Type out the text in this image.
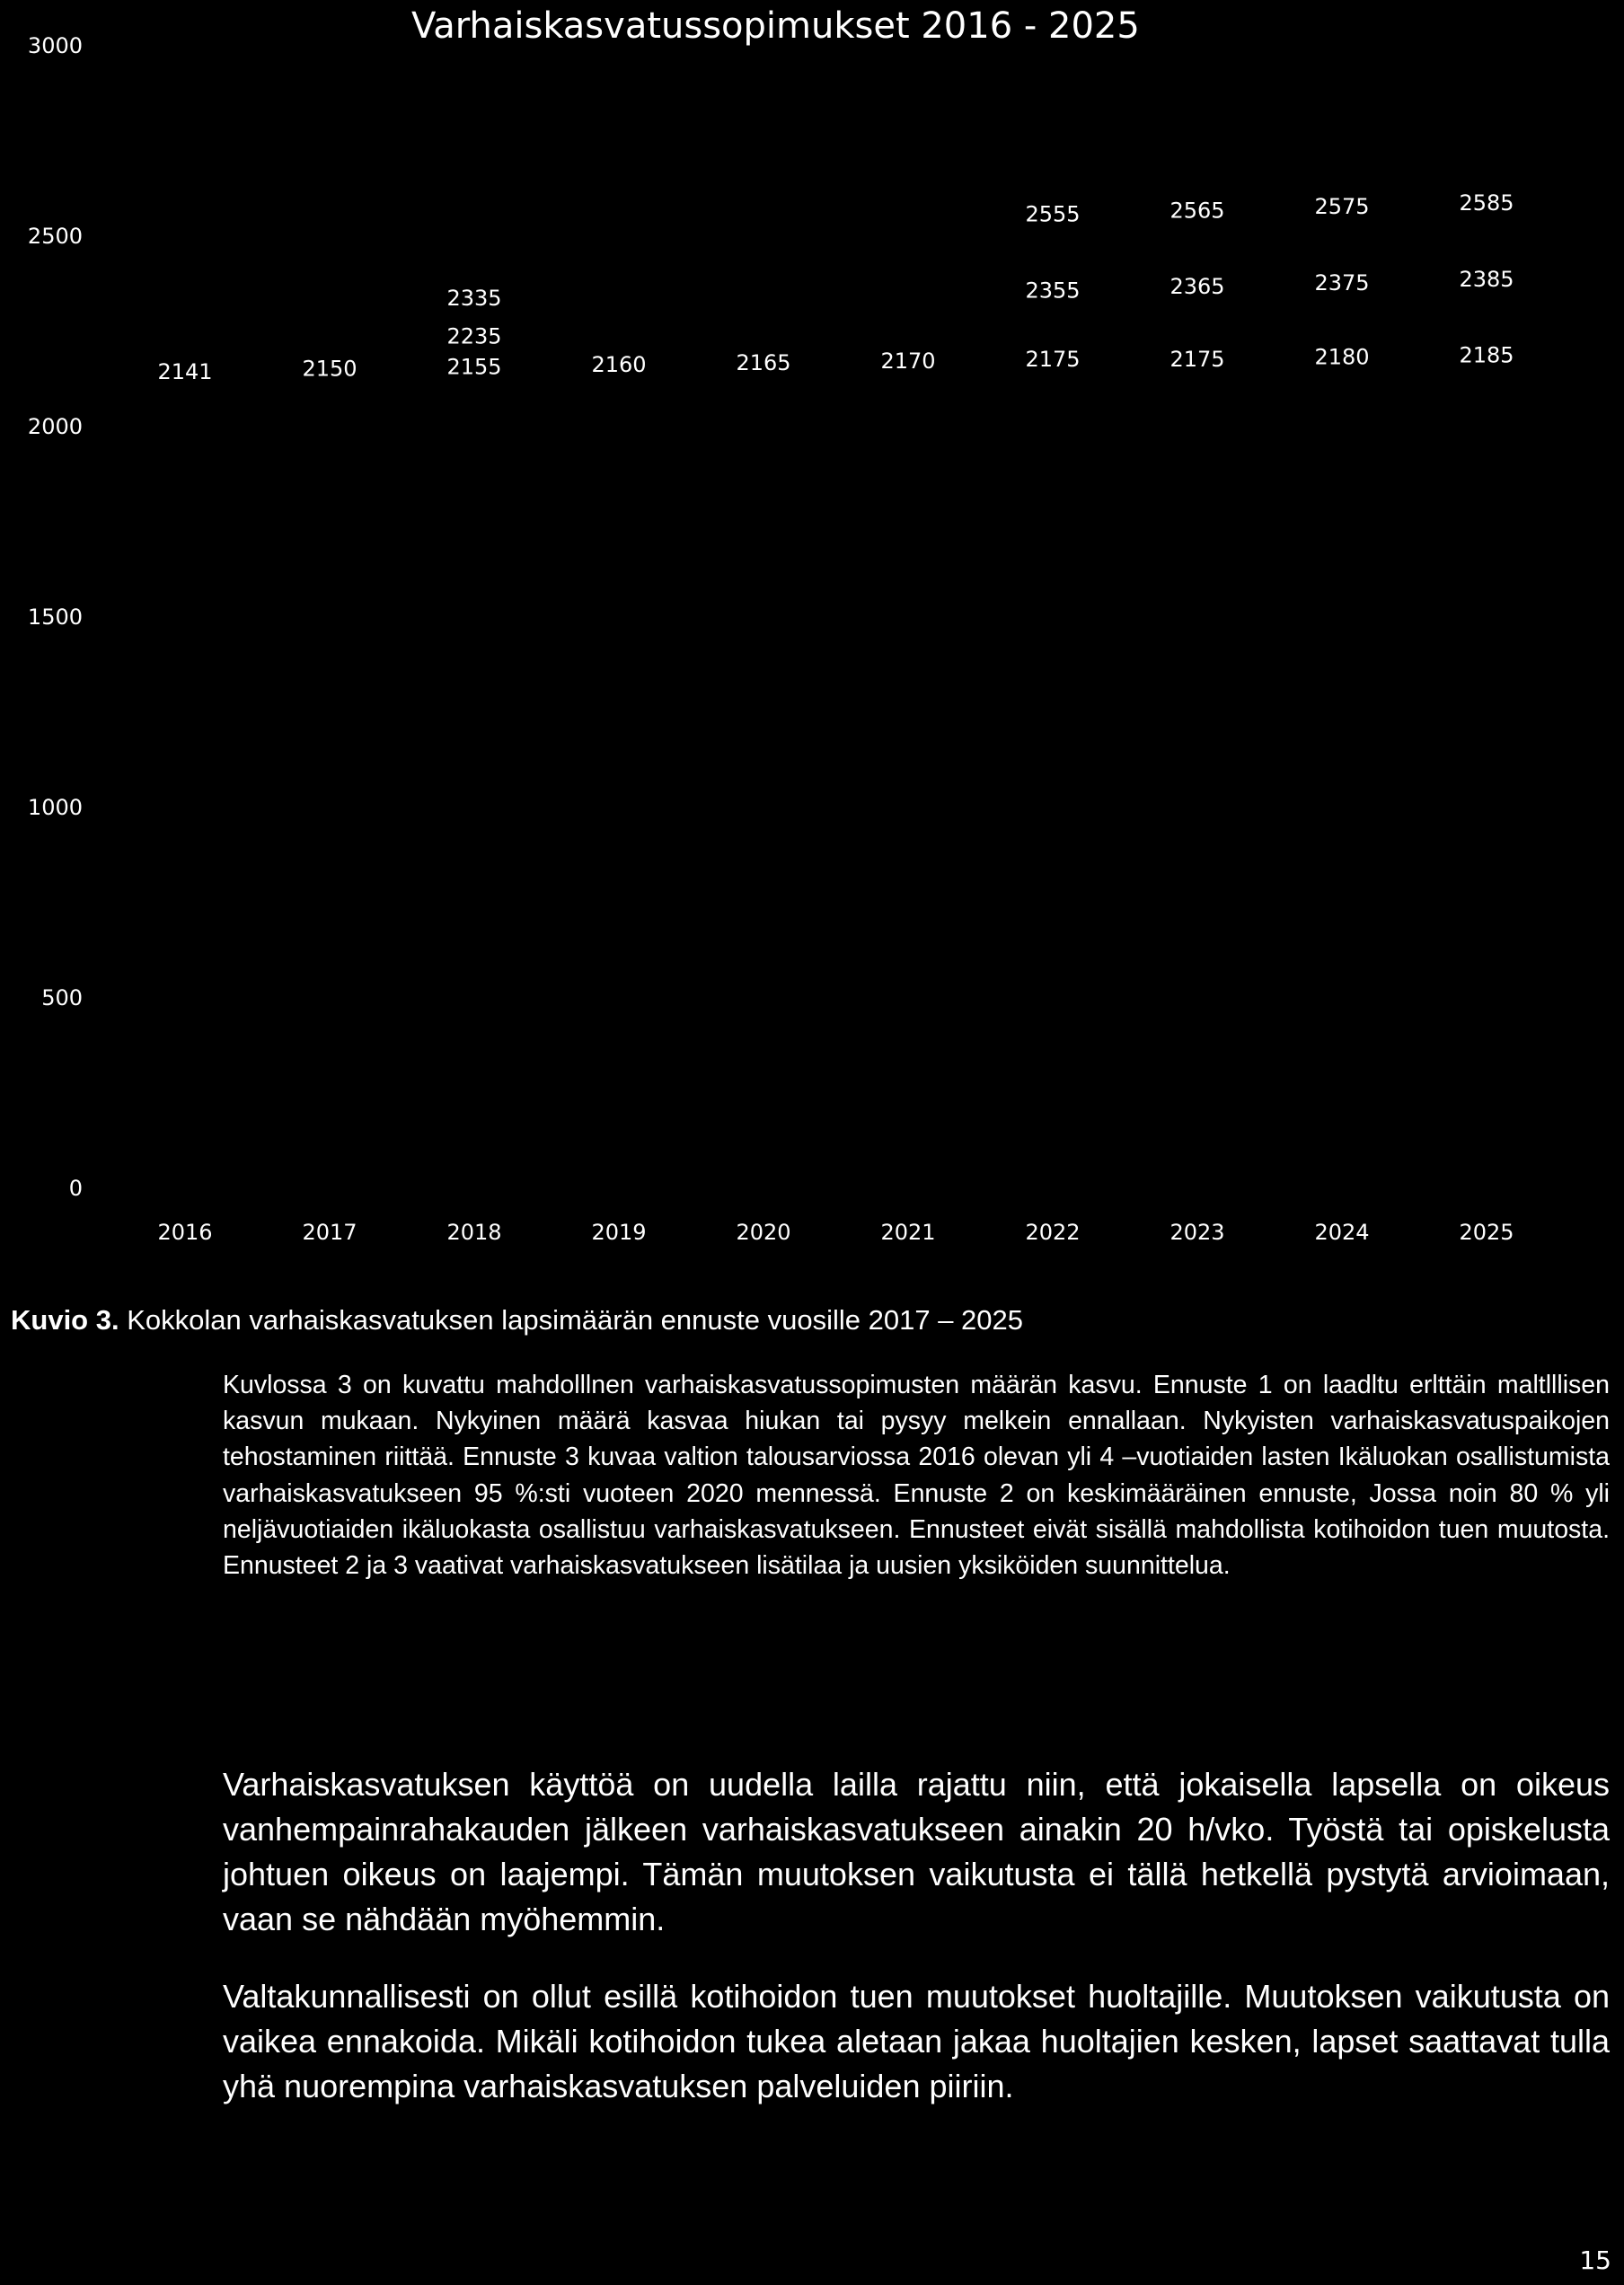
Varhaiskasvatussopimukset 2016 - 2025
0
500
1000
1500
2000
2500
3000
2016	2017	2018	2019	2020	2021	2022	2023	2024	2025
2141	2150	2155	2160	2165	2170	2175	2175	2180	2185
2235
2355	2365	2375	2385
2335
2555	2565	2575	2585
Kuvio 3. Kokkolan varhaiskasvatuksen lapsimäärän ennuste vuosille 2017 – 2025

Kuvlossa 3 on kuvattu mahdolllnen varhaiskasvatussopimusten määrän kasvu. Ennuste 1 on laadltu erlttäin maltlllisen kasvun mukaan. Nykyinen määrä kasvaa hiukan tai pysyy melkein ennallaan. Nykyisten varhaiskasvatuspaikojen tehostaminen riittää. Ennuste 3 kuvaa valtion talousarviossa 2016 olevan yli 4 –vuotiaiden lasten Ikäluokan osallistumista varhaiskasvatukseen 95 %:sti vuoteen 2020 mennessä. Ennuste 2 on keskimääräinen ennuste, Jossa noin 80 % yli neljävuotiaiden ikäluokasta osallistuu varhaiskasvatukseen. Ennusteet eivät sisällä mahdollista kotihoidon tuen muutosta. Ennusteet 2 ja 3 vaativat varhaiskasvatukseen lisätilaa ja uusien yksiköiden suunnittelua.

Varhaiskasvatuksen käyttöä on uudella lailla rajattu niin, että jokaisella lapsella on oikeus vanhempainrahakauden jälkeen varhaiskasvatukseen ainakin 20 h/vko. Työstä tai opiskelusta johtuen oikeus on laajempi. Tämän muutoksen vaikutusta ei tällä hetkellä pystytä arvioimaan, vaan se nähdään myöhemmin.

Valtakunnallisesti on ollut esillä kotihoidon tuen muutokset huoltajille. Muutoksen vaikutusta on vaikea ennakoida. Mikäli kotihoidon tukea aletaan jakaa huoltajien kesken, lapset saattavat tulla yhä nuorempina varhaiskasvatuksen palveluiden piiriin.

15
